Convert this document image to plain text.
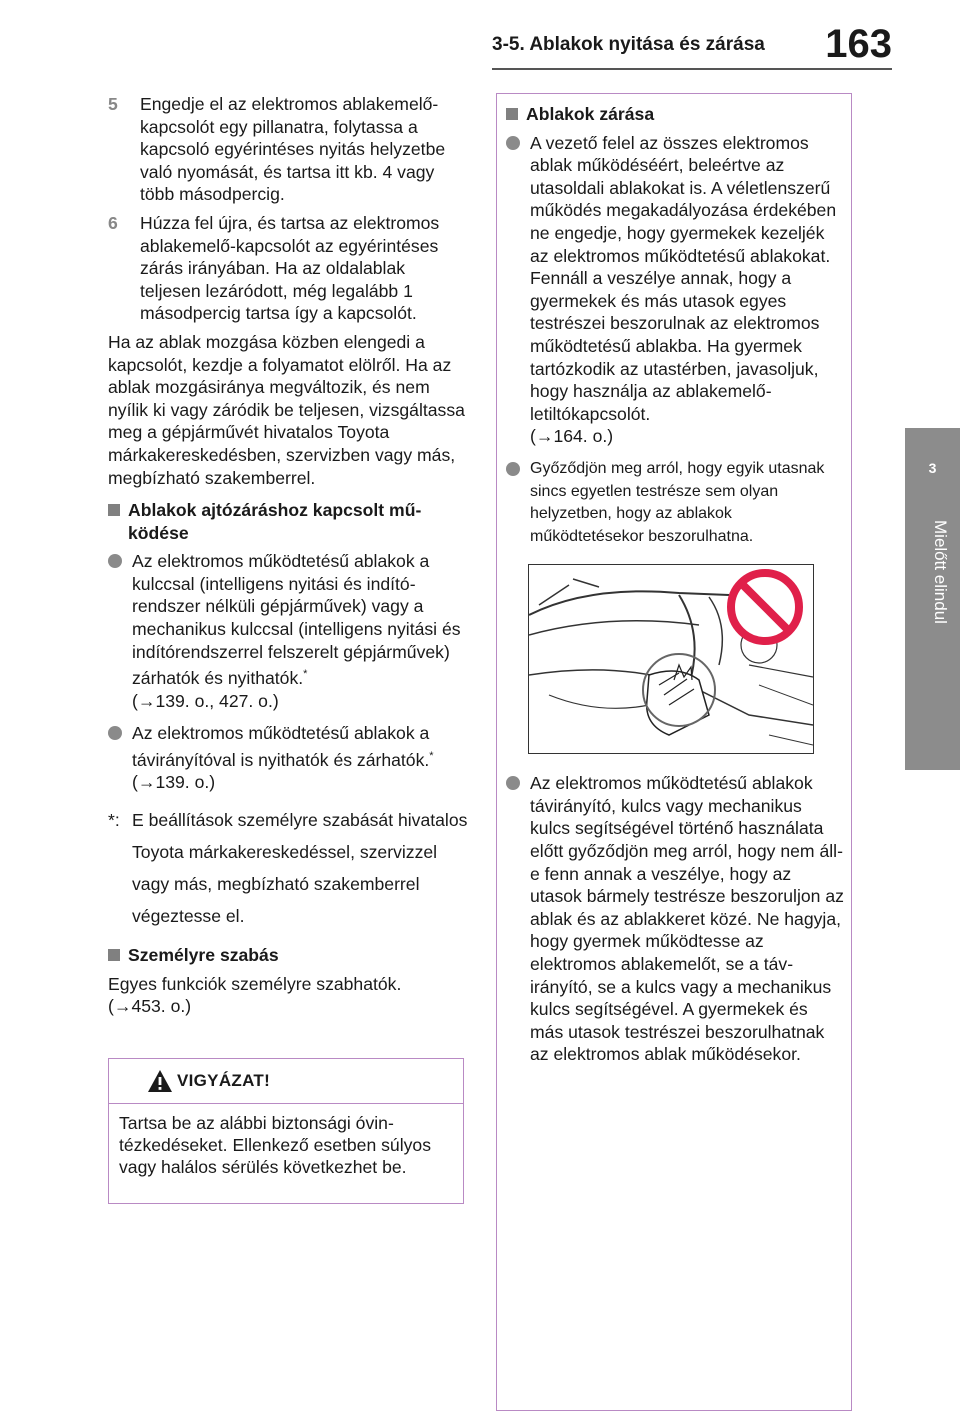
3-5. Ablakok nyitása és zárása	163
3
Mielőtt elindul
5	Engedje el az elektromos ablakemelő-kapcsolót egy pillanatra, folytassa a kapcsoló egyérintéses nyitás helyzetbe való nyomását, és tartsa itt kb. 4 vagy több másodpercig.
6	Húzza fel újra, és tartsa az elektromos ablakemelő-kapcsolót az egyérintéses zárás irányában. Ha az oldalablak teljesen lezáródott, még legalább 1 másodpercig tartsa így a kapcsolót.

Ha az ablak mozgása közben elengedi a kapcsolót, kezdje a folyamatot elölről. Ha az ablak mozgásiránya megváltozik, és nem nyílik ki vagy záródik be teljesen, vizsgáltassa meg a gépjárművét hivatalos Toyota márkakereskedésben, szervizben vagy más, megbízható szakemberrel.

Ablakok ajtózáráshoz kapcsolt működése
Az elektromos működtetésű ablakok a kulccsal (intelligens nyitási és indítórendszer nélküli gépjárművek) vagy a mechanikus kulccsal (intelligens nyitási és indítórendszerrel felszerelt gépjárművek) zárhatók és nyithatók.*
(→139. o., 427. o.)
Az elektromos működtetésű ablakok a távirányítóval is nyithatók és zárhatók.* (→139. o.)
*: E beállítások személyre szabását hivatalos Toyota márkakereskedéssel, szervizzel vagy más, megbízható szakemberrel végeztesse el.
Személyre szabás
Egyes funkciók személyre szabhatók.
(→453. o.)
VIGYÁZAT!
Tartsa be az alábbi biztonsági óvintézkedéseket. Ellenkező esetben súlyos vagy halálos sérülés következhet be.
Ablakok zárása
A vezető felel az összes elektromos ablak működéséért, beleértve az utasoldali ablakokat is. A véletlenszerű működés megakadályozása érdekében ne engedje, hogy gyermekek kezeljék az elektromos működtetésű ablakokat. Fennáll a veszélye annak, hogy a gyermekek és más utasok egyes testrészei beszorulnak az elektromos működtetésű ablakba. Ha gyermek tartózkodik az utastérben, javasoljuk, hogy használja az ablakemelő-letiltókapcsolót.
(→164. o.)
Győződjön meg arról, hogy egyik utasnak sincs egyetlen testrésze sem olyan helyzetben, hogy az ablakok működtetésekor beszorulhatna.
Az elektromos működtetésű ablakok távirányító, kulcs vagy mechanikus kulcs segítségével történő használata előtt győződjön meg arról, hogy nem áll-e fenn annak a veszélye, hogy az utasok bármely testrésze beszoruljon az ablak és az ablakkeret közé. Ne hagyja, hogy gyermek működtesse az elektromos ablakemelőt, se a távirányító, se a kulcs vagy a mechanikus kulcs segítségével. A gyermekek és más utasok testrészei beszorulhatnak az elektromos ablak működésekor.
